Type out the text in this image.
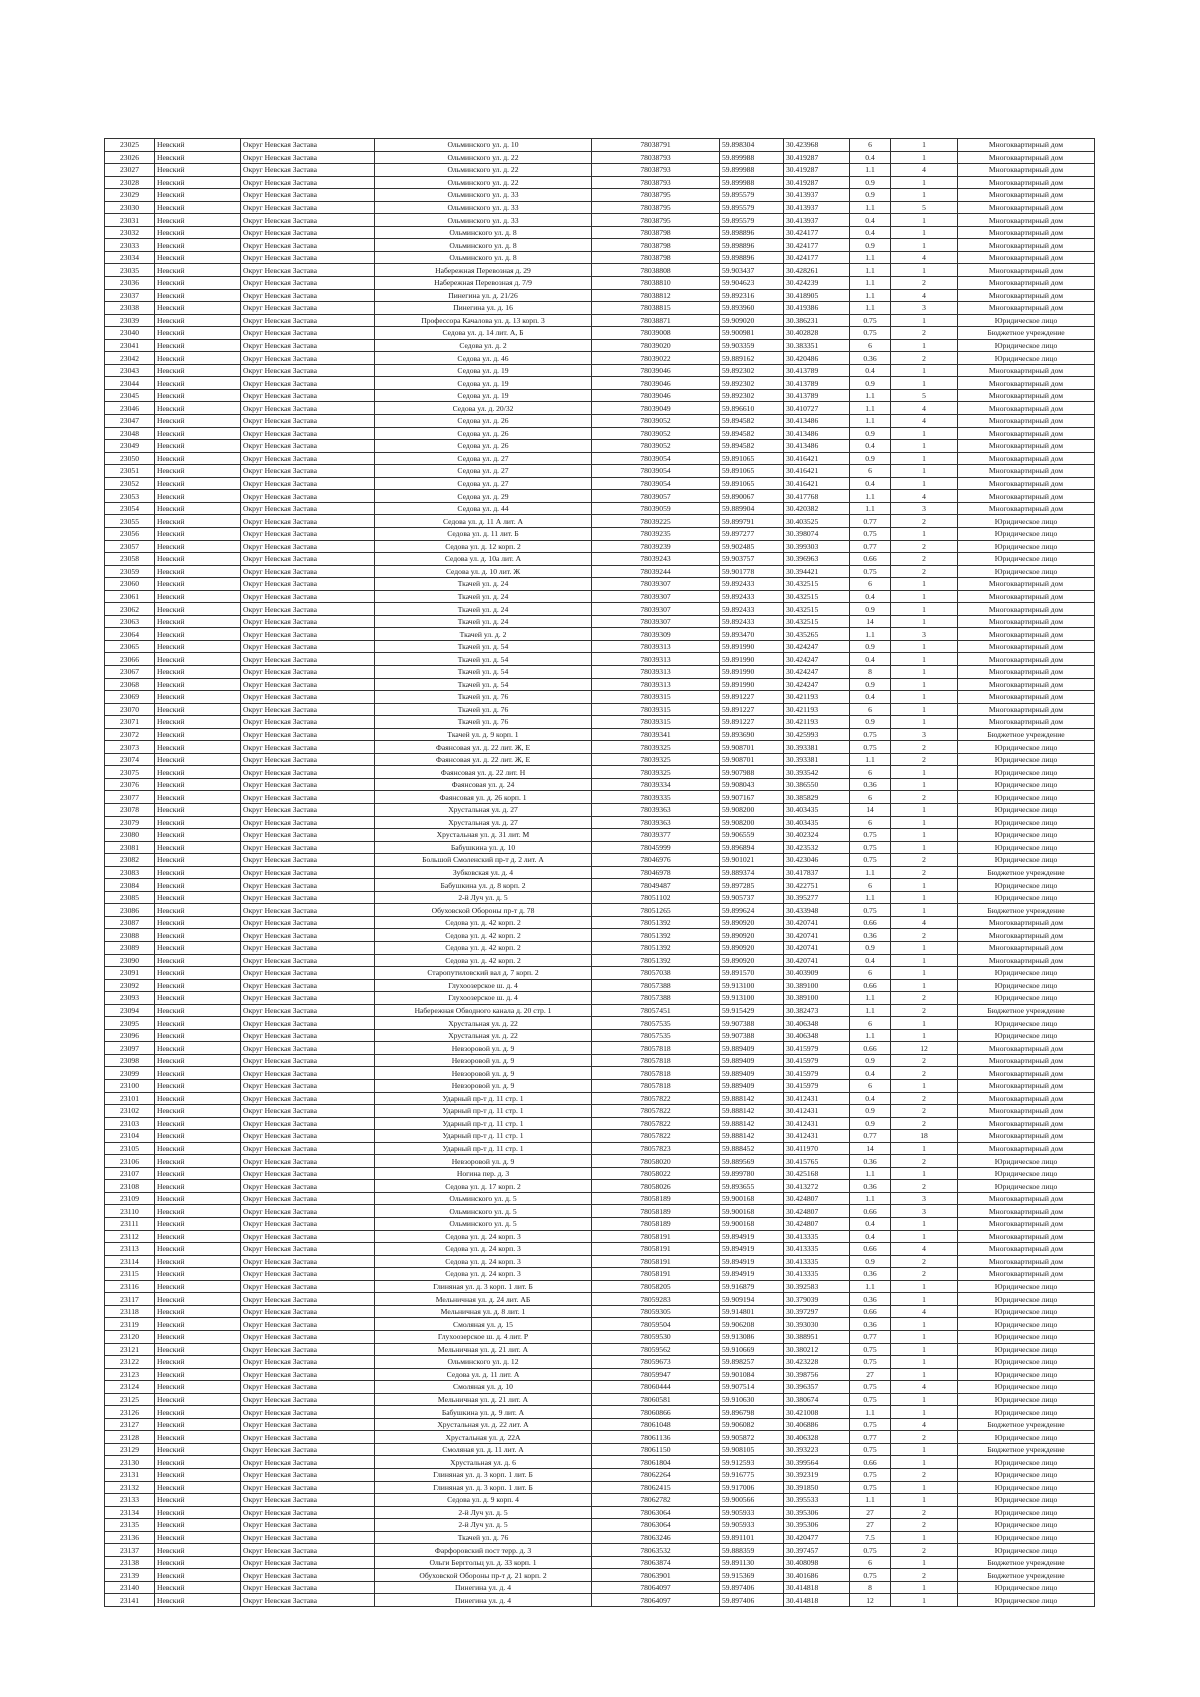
23025	Невский	Округ Невская Застава	Ольминского ул. д. 10	78038791	59.898304	30.423968	6	1	Многоквартирный дом
23026	Невский	Округ Невская Застава	Ольминского ул. д. 22	78038793	59.899988	30.419287	0.4	1	Многоквартирный дом
23027	Невский	Округ Невская Застава	Ольминского ул. д. 22	78038793	59.899988	30.419287	1.1	4	Многоквартирный дом
23028	Невский	Округ Невская Застава	Ольминского ул. д. 22	78038793	59.899988	30.419287	0.9	1	Многоквартирный дом
23029	Невский	Округ Невская Застава	Ольминского ул. д. 33	78038795	59.895579	30.413937	0.9	1	Многоквартирный дом
23030	Невский	Округ Невская Застава	Ольминского ул. д. 33	78038795	59.895579	30.413937	1.1	5	Многоквартирный дом
23031	Невский	Округ Невская Застава	Ольминского ул. д. 33	78038795	59.895579	30.413937	0.4	1	Многоквартирный дом
23032	Невский	Округ Невская Застава	Ольминского ул. д. 8	78038798	59.898896	30.424177	0.4	1	Многоквартирный дом
23033	Невский	Округ Невская Застава	Ольминского ул. д. 8	78038798	59.898896	30.424177	0.9	1	Многоквартирный дом
23034	Невский	Округ Невская Застава	Ольминского ул. д. 8	78038798	59.898896	30.424177	1.1	4	Многоквартирный дом
23035	Невский	Округ Невская Застава	Набережная Перевозная д. 29	78038808	59.903437	30.428261	1.1	1	Многоквартирный дом
23036	Невский	Округ Невская Застава	Набережная Перевозная д. 7/9	78038810	59.904623	30.424239	1.1	2	Многоквартирный дом
23037	Невский	Округ Невская Застава	Пинегина ул. д. 21/26	78038812	59.892316	30.418905	1.1	4	Многоквартирный дом
23038	Невский	Округ Невская Застава	Пинегина ул. д. 16	78038815	59.893960	30.419386	1.1	3	Многоквартирный дом
23039	Невский	Округ Невская Застава	Профессора Качалова ул. д. 13 корп. 3	78038871	59.909020	30.386231	0.75	1	Юридическое лицо
23040	Невский	Округ Невская Застава	Седова ул. д. 14 лит. А, Б	78039008	59.900981	30.402828	0.75	2	Бюджетное учреждение
23041	Невский	Округ Невская Застава	Седова ул. д. 2	78039020	59.903359	30.383351	6	1	Юридическое лицо
23042	Невский	Округ Невская Застава	Седова ул. д. 46	78039022	59.889162	30.420486	0.36	2	Юридическое лицо
23043	Невский	Округ Невская Застава	Седова ул. д. 19	78039046	59.892302	30.413789	0.4	1	Многоквартирный дом
23044	Невский	Округ Невская Застава	Седова ул. д. 19	78039046	59.892302	30.413789	0.9	1	Многоквартирный дом
23045	Невский	Округ Невская Застава	Седова ул. д. 19	78039046	59.892302	30.413789	1.1	5	Многоквартирный дом
23046	Невский	Округ Невская Застава	Седова ул. д. 20/32	78039049	59.896610	30.410727	1.1	4	Многоквартирный дом
23047	Невский	Округ Невская Застава	Седова ул. д. 26	78039052	59.894582	30.413486	1.1	4	Многоквартирный дом
23048	Невский	Округ Невская Застава	Седова ул. д. 26	78039052	59.894582	30.413486	0.9	1	Многоквартирный дом
23049	Невский	Округ Невская Застава	Седова ул. д. 26	78039052	59.894582	30.413486	0.4	1	Многоквартирный дом
23050	Невский	Округ Невская Застава	Седова ул. д. 27	78039054	59.891065	30.416421	0.9	1	Многоквартирный дом
23051	Невский	Округ Невская Застава	Седова ул. д. 27	78039054	59.891065	30.416421	6	1	Многоквартирный дом
23052	Невский	Округ Невская Застава	Седова ул. д. 27	78039054	59.891065	30.416421	0.4	1	Многоквартирный дом
23053	Невский	Округ Невская Застава	Седова ул. д. 29	78039057	59.890067	30.417768	1.1	4	Многоквартирный дом
23054	Невский	Округ Невская Застава	Седова ул. д. 44	78039059	59.889904	30.420382	1.1	3	Многоквартирный дом
23055	Невский	Округ Невская Застава	Седова ул. д. 11 А лит. А	78039225	59.899791	30.403525	0.77	2	Юридическое лицо
23056	Невский	Округ Невская Застава	Седова ул. д. 11 лит. Б	78039235	59.897277	30.398074	0.75	1	Юридическое лицо
23057	Невский	Округ Невская Застава	Седова ул. д. 12 корп. 2	78039239	59.902485	30.399303	0.77	2	Юридическое лицо
23058	Невский	Округ Невская Застава	Седова ул. д. 10а лит. А	78039243	59.903757	30.396963	0.66	2	Юридическое лицо
23059	Невский	Округ Невская Застава	Седова ул. д. 10 лит. Ж	78039244	59.901778	30.394421	0.75	2	Юридическое лицо
23060	Невский	Округ Невская Застава	Ткачей ул. д. 24	78039307	59.892433	30.432515	6	1	Многоквартирный дом
23061	Невский	Округ Невская Застава	Ткачей ул. д. 24	78039307	59.892433	30.432515	0.4	1	Многоквартирный дом
23062	Невский	Округ Невская Застава	Ткачей ул. д. 24	78039307	59.892433	30.432515	0.9	1	Многоквартирный дом
23063	Невский	Округ Невская Застава	Ткачей ул. д. 24	78039307	59.892433	30.432515	14	1	Многоквартирный дом
23064	Невский	Округ Невская Застава	Ткачей ул. д. 2	78039309	59.893470	30.435265	1.1	3	Многоквартирный дом
23065	Невский	Округ Невская Застава	Ткачей ул. д. 54	78039313	59.891990	30.424247	0.9	1	Многоквартирный дом
23066	Невский	Округ Невская Застава	Ткачей ул. д. 54	78039313	59.891990	30.424247	0.4	1	Многоквартирный дом
23067	Невский	Округ Невская Застава	Ткачей ул. д. 54	78039313	59.891990	30.424247	8	1	Многоквартирный дом
23068	Невский	Округ Невская Застава	Ткачей ул. д. 54	78039313	59.891990	30.424247	0.9	1	Многоквартирный дом
23069	Невский	Округ Невская Застава	Ткачей ул. д. 76	78039315	59.891227	30.421193	0.4	1	Многоквартирный дом
23070	Невский	Округ Невская Застава	Ткачей ул. д. 76	78039315	59.891227	30.421193	6	1	Многоквартирный дом
23071	Невский	Округ Невская Застава	Ткачей ул. д. 76	78039315	59.891227	30.421193	0.9	1	Многоквартирный дом
23072	Невский	Округ Невская Застава	Ткачей ул. д. 9 корп. 1	78039341	59.893690	30.425993	0.75	3	Бюджетное учреждение
23073	Невский	Округ Невская Застава	Фаянсовая ул. д. 22 лит. Ж, Е	78039325	59.908701	30.393381	0.75	2	Юридическое лицо
23074	Невский	Округ Невская Застава	Фаянсовая ул. д. 22 лит. Ж, Е	78039325	59.908701	30.393381	1.1	2	Юридическое лицо
23075	Невский	Округ Невская Застава	Фаянсовая ул. д. 22 лит. Н	78039325	59.907988	30.393542	6	1	Юридическое лицо
23076	Невский	Округ Невская Застава	Фаянсовая ул. д. 24	78039334	59.908043	30.386550	0.36	1	Юридическое лицо
23077	Невский	Округ Невская Застава	Фаянсовая ул. д. 26 корп. 1	78039335	59.907167	30.385829	6	2	Юридическое лицо
23078	Невский	Округ Невская Застава	Хрустальная ул. д. 27	78039363	59.908200	30.403435	14	1	Юридическое лицо
23079	Невский	Округ Невская Застава	Хрустальная ул. д. 27	78039363	59.908200	30.403435	6	1	Юридическое лицо
23080	Невский	Округ Невская Застава	Хрустальная ул. д. 31 лит. М	78039377	59.906559	30.402324	0.75	1	Юридическое лицо
23081	Невский	Округ Невская Застава	Бабушкина ул. д. 10	78045999	59.896894	30.423532	0.75	1	Юридическое лицо
23082	Невский	Округ Невская Застава	Большой Смоленский пр-т д. 2 лит. А	78046976	59.901021	30.423046	0.75	2	Юридическое лицо
23083	Невский	Округ Невская Застава	Зубковская ул. д. 4	78046978	59.889374	30.417837	1.1	2	Бюджетное учреждение
23084	Невский	Округ Невская Застава	Бабушкина ул. д. 8 корп. 2	78049487	59.897285	30.422751	6	1	Юридическое лицо
23085	Невский	Округ Невская Застава	2-й Луч ул. д. 5	78051102	59.905737	30.395277	1.1	1	Юридическое лицо
23086	Невский	Округ Невская Застава	Обуховской Обороны пр-т д. 78	78051265	59.899624	30.433948	0.75	1	Бюджетное учреждение
23087	Невский	Округ Невская Застава	Седова ул. д. 42 корп. 2	78051392	59.890920	30.420741	0.66	4	Многоквартирный дом
23088	Невский	Округ Невская Застава	Седова ул. д. 42 корп. 2	78051392	59.890920	30.420741	0.36	2	Многоквартирный дом
23089	Невский	Округ Невская Застава	Седова ул. д. 42 корп. 2	78051392	59.890920	30.420741	0.9	1	Многоквартирный дом
23090	Невский	Округ Невская Застава	Седова ул. д. 42 корп. 2	78051392	59.890920	30.420741	0.4	1	Многоквартирный дом
23091	Невский	Округ Невская Застава	Старопутиловский вал д. 7 корп. 2	78057038	59.891570	30.403909	6	1	Юридическое лицо
23092	Невский	Округ Невская Застава	Глухоозерское ш. д. 4	78057388	59.913100	30.389100	0.66	1	Юридическое лицо
23093	Невский	Округ Невская Застава	Глухоозерское ш. д. 4	78057388	59.913100	30.389100	1.1	2	Юридическое лицо
23094	Невский	Округ Невская Застава	Набережная Обводного канала д. 20 стр. 1	78057451	59.915429	30.382473	1.1	2	Бюджетное учреждение
23095	Невский	Округ Невская Застава	Хрустальная ул. д. 22	78057535	59.907388	30.406348	6	1	Юридическое лицо
23096	Невский	Округ Невская Застава	Хрустальная ул. д. 22	78057535	59.907388	30.406348	1.1	1	Юридическое лицо
23097	Невский	Округ Невская Застава	Невзоровой ул. д. 9	78057818	59.889409	30.415979	0.66	12	Многоквартирный дом
23098	Невский	Округ Невская Застава	Невзоровой ул. д. 9	78057818	59.889409	30.415979	0.9	2	Многоквартирный дом
23099	Невский	Округ Невская Застава	Невзоровой ул. д. 9	78057818	59.889409	30.415979	0.4	2	Многоквартирный дом
23100	Невский	Округ Невская Застава	Невзоровой ул. д. 9	78057818	59.889409	30.415979	6	1	Многоквартирный дом
23101	Невский	Округ Невская Застава	Ударный пр-т д. 11 стр. 1	78057822	59.888142	30.412431	0.4	2	Многоквартирный дом
23102	Невский	Округ Невская Застава	Ударный пр-т д. 11 стр. 1	78057822	59.888142	30.412431	0.9	2	Многоквартирный дом
23103	Невский	Округ Невская Застава	Ударный пр-т д. 11 стр. 1	78057822	59.888142	30.412431	0.9	2	Многоквартирный дом
23104	Невский	Округ Невская Застава	Ударный пр-т д. 11 стр. 1	78057822	59.888142	30.412431	0.77	18	Многоквартирный дом
23105	Невский	Округ Невская Застава	Ударный пр-т д. 11 стр. 1	78057823	59.888452	30.411970	14	1	Многоквартирный дом
23106	Невский	Округ Невская Застава	Невзоровой ул. д. 9	78058020	59.889569	30.415765	0.36	2	Юридическое лицо
23107	Невский	Округ Невская Застава	Ногина пер. д. 3	78058022	59.899780	30.425168	1.1	1	Юридическое лицо
23108	Невский	Округ Невская Застава	Седова ул. д. 17 корп. 2	78058026	59.893655	30.413272	0.36	2	Юридическое лицо
23109	Невский	Округ Невская Застава	Ольминского ул. д. 5	78058189	59.900168	30.424807	1.1	3	Многоквартирный дом
23110	Невский	Округ Невская Застава	Ольминского ул. д. 5	78058189	59.900168	30.424807	0.66	3	Многоквартирный дом
23111	Невский	Округ Невская Застава	Ольминского ул. д. 5	78058189	59.900168	30.424807	0.4	1	Многоквартирный дом
23112	Невский	Округ Невская Застава	Седова ул. д. 24 корп. 3	78058191	59.894919	30.413335	0.4	1	Многоквартирный дом
23113	Невский	Округ Невская Застава	Седова ул. д. 24 корп. 3	78058191	59.894919	30.413335	0.66	4	Многоквартирный дом
23114	Невский	Округ Невская Застава	Седова ул. д. 24 корп. 3	78058191	59.894919	30.413335	0.9	2	Многоквартирный дом
23115	Невский	Округ Невская Застава	Седова ул. д. 24 корп. 3	78058191	59.894919	30.413335	0.36	2	Многоквартирный дом
23116	Невский	Округ Невская Застава	Глиняная ул. д. 3 корп. 1 лит. Б	78058205	59.916879	30.392583	1.1	1	Юридическое лицо
23117	Невский	Округ Невская Застава	Мельничная ул. д. 24 лит. АБ	78059283	59.909194	30.379039	0.36	1	Юридическое лицо
23118	Невский	Округ Невская Застава	Мельничная ул. д. 8 лит. 1	78059305	59.914801	30.397297	0.66	4	Юридическое лицо
23119	Невский	Округ Невская Застава	Смоляная ул. д. 15	78059504	59.906208	30.393030	0.36	1	Юридическое лицо
23120	Невский	Округ Невская Застава	Глухоозерское ш. д. 4 лит. Р	78059530	59.913086	30.388951	0.77	1	Юридическое лицо
23121	Невский	Округ Невская Застава	Мельничная ул. д. 21 лит. А	78059562	59.910669	30.380212	0.75	1	Юридическое лицо
23122	Невский	Округ Невская Застава	Ольминского ул. д. 12	78059673	59.898257	30.423228	0.75	1	Юридическое лицо
23123	Невский	Округ Невская Застава	Седова ул. д. 11 лит. А	78059947	59.901084	30.398756	27	1	Юридическое лицо
23124	Невский	Округ Невская Застава	Смоляная ул. д. 10	78060444	59.907514	30.396357	0.75	4	Юридическое лицо
23125	Невский	Округ Невская Застава	Мельничная ул. д. 21 лит. А	78060581	59.910630	30.380674	0.75	1	Юридическое лицо
23126	Невский	Округ Невская Застава	Бабушкина ул. д. 9 лит. А	78060866	59.896798	30.421008	1.1	1	Юридическое лицо
23127	Невский	Округ Невская Застава	Хрустальная ул. д. 22 лит. А	78061048	59.906082	30.406886	0.75	4	Бюджетное учреждение
23128	Невский	Округ Невская Застава	Хрустальная ул. д. 22А	78061136	59.905872	30.406328	0.77	2	Юридическое лицо
23129	Невский	Округ Невская Застава	Смоляная ул. д. 11 лит. А	78061150	59.908105	30.393223	0.75	1	Бюджетное учреждение
23130	Невский	Округ Невская Застава	Хрустальная ул. д. 6	78061804	59.912593	30.399564	0.66	1	Юридическое лицо
23131	Невский	Округ Невская Застава	Глиняная ул. д. 3 корп. 1 лит. Б	78062264	59.916775	30.392319	0.75	2	Юридическое лицо
23132	Невский	Округ Невская Застава	Глиняная ул. д. 3 корп. 1 лит. Б	78062415	59.917006	30.391850	0.75	1	Юридическое лицо
23133	Невский	Округ Невская Застава	Седова ул. д. 9 корп. 4	78062782	59.900566	30.395533	1.1	1	Юридическое лицо
23134	Невский	Округ Невская Застава	2-й Луч ул. д. 5	78063064	59.905933	30.395306	27	2	Юридическое лицо
23135	Невский	Округ Невская Застава	2-й Луч ул. д. 5	78063064	59.905933	30.395306	27	2	Юридическое лицо
23136	Невский	Округ Невская Застава	Ткачей ул. д. 76	78063246	59.891101	30.420477	7.5	1	Юридическое лицо
23137	Невский	Округ Невская Застава	Фарфоровский пост терр. д. 3	78063532	59.888359	30.397457	0.75	2	Юридическое лицо
23138	Невский	Округ Невская Застава	Ольги Берггольц ул. д. 33 корп. 1	78063874	59.891130	30.408098	6	1	Бюджетное учреждение
23139	Невский	Округ Невская Застава	Обуховской Обороны пр-т д. 21 корп. 2	78063901	59.915369	30.401686	0.75	2	Бюджетное учреждение
23140	Невский	Округ Невская Застава	Пинегина ул. д. 4	78064097	59.897406	30.414818	8	1	Юридическое лицо
23141	Невский	Округ Невская Застава	Пинегина ул. д. 4	78064097	59.897406	30.414818	12	1	Юридическое лицо
